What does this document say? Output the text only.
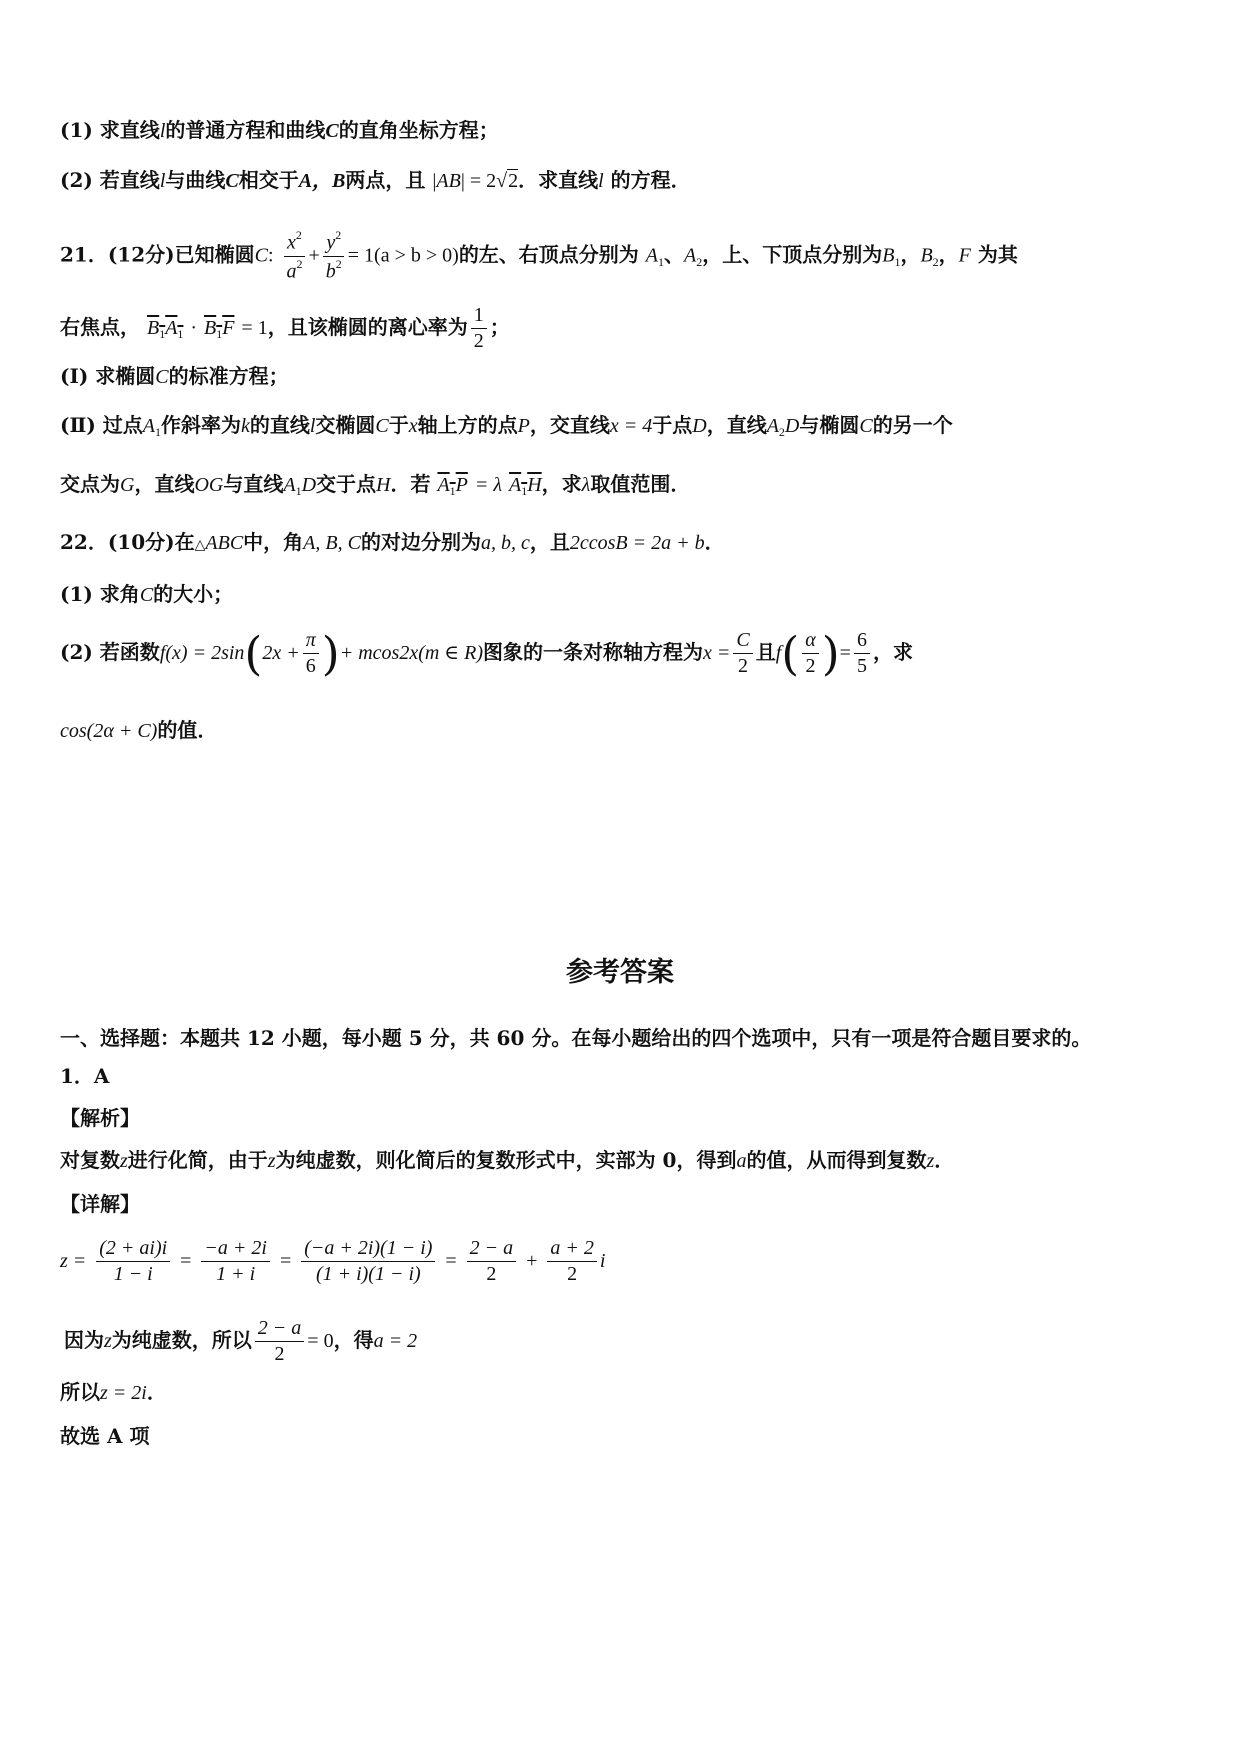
(1) 求直线l的普通方程和曲线C的直角坐标方程；
(2) 若直线l与曲线C相交于A，B两点，且 |AB| = 2√2．求直线l 的方程．
21．(12分)已知椭圆C: $\frac{x^2}{a^2} + \frac{y^2}{b^2} = 1(a > b > 0)$的左、右顶点分别为 $A_1$、$A_2$，上、下顶点分别为$B_1$，$B_2$，F 为其
右焦点， $B_1A_1 \cdot B_1F = 1$，且该椭圆的离心率为 $\frac{1}{2}$ ；
(Ⅰ) 求椭圆C的标准方程；
(Ⅱ) 过点$A_1$作斜率为k的直线l交椭圆C于x轴上方的点P，交直线x = 4于点D，直线$A_2D$与椭圆C的另一个
交点为G，直线OG与直线$A_1D$交于点H．若 $A_1P = \lambda$ $A_1H$，求λ取值范围．
22．(10分)在△ABC中，角A, B, C的对边分别为a, b, c，且2ccosB = 2a + b．
(1) 求角C的大小；
(2) 若函数$f(x) = 2\sin(2x + \frac{\pi}{6}$ )+ mcos2x(m ∈ R)图象的一条对称轴方程为$x = \frac{C}{2}$ 且$f( \frac{\alpha}{2}$ )= $\frac{6}{5}$ ，求
cos(2α + C)的值．
参考答案
一、选择题：本题共 12 小题，每小题 5 分，共 60 分。在每小题给出的四个选项中，只有一项是符合题目要求的。
1．A
【解析】
对复数z进行化简，由于z为纯虚数，则化简后的复数形式中，实部为 0，得到a的值，从而得到复数z．
【详解】
$z = \frac{(2 + ai)i}{1 - i} = \frac{-a + 2i}{1 + i} = \frac{(-a + 2i)(1 - i)}{(1 + i)(1 - i)} = \frac{2 - a}{2} + \frac{a + 2}{2}$ i
因为z为纯虚数，所以 $\frac{2 - a}{2} = 0$，得a = 2
所以z = 2i．
故选 A 项
